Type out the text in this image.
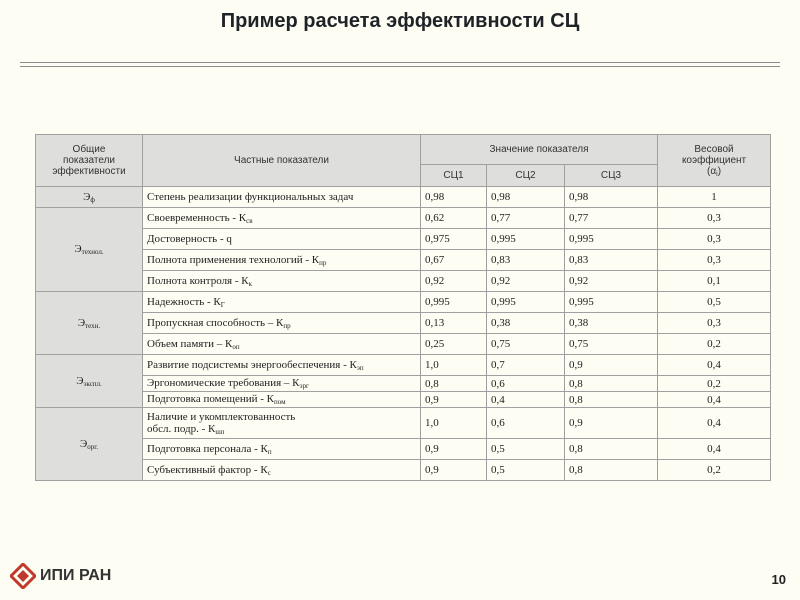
Пример расчета эффективности СЦ
Общие
показатели
эффективности	Частные показатели	Значение показателя			Весовой
коэффициент
$(\alpha_i)$
		СЦ1	СЦ2	СЦ3	
$Э_ф$	Степень реализации функциональных задач	0,98	0,98	0,98	1
$Э_{технол.}$	Своевременность - $К_{св}$	0,62	0,77	0,77	0,3
	Достоверность - q	0,975	0,995	0,995	0,3
	Полнота применения технологий - $К_{пр}$	0,67	0,83	0,83	0,3
	Полнота контроля - $К_к$	0,92	0,92	0,92	0,1
$Э_{техн.}$	Надежность - $К_Г$	0,995	0,995	0,995	0,5
	Пропускная способность – $К_{пр}$	0,13	0,38	0,38	0,3
	Объем памяти – $К_{оп}$	0,25	0,75	0,75	0,2
$Э_{экспл.}$	Развитие подсистемы энергообеспечения - $К_{эп}$	1,0	0,7	0,9	0,4
	Эргономические требования – $К_{эрг}$	0,8	0,6	0,8	0,2
	Подготовка помещений - $К_{пом}$	0,9	0,4	0,8	0,4
$Э_{орг.}$	Наличие и укомплектованность
обсл. подр. - $К_{шп}$	1,0	0,6	0,9	0,4
	Подготовка персонала - $К_п$	0,9	0,5	0,8	0,4
	Субъективный фактор - $К_с$	0,9	0,5	0,8	0,2
ИПИ РАН	10
